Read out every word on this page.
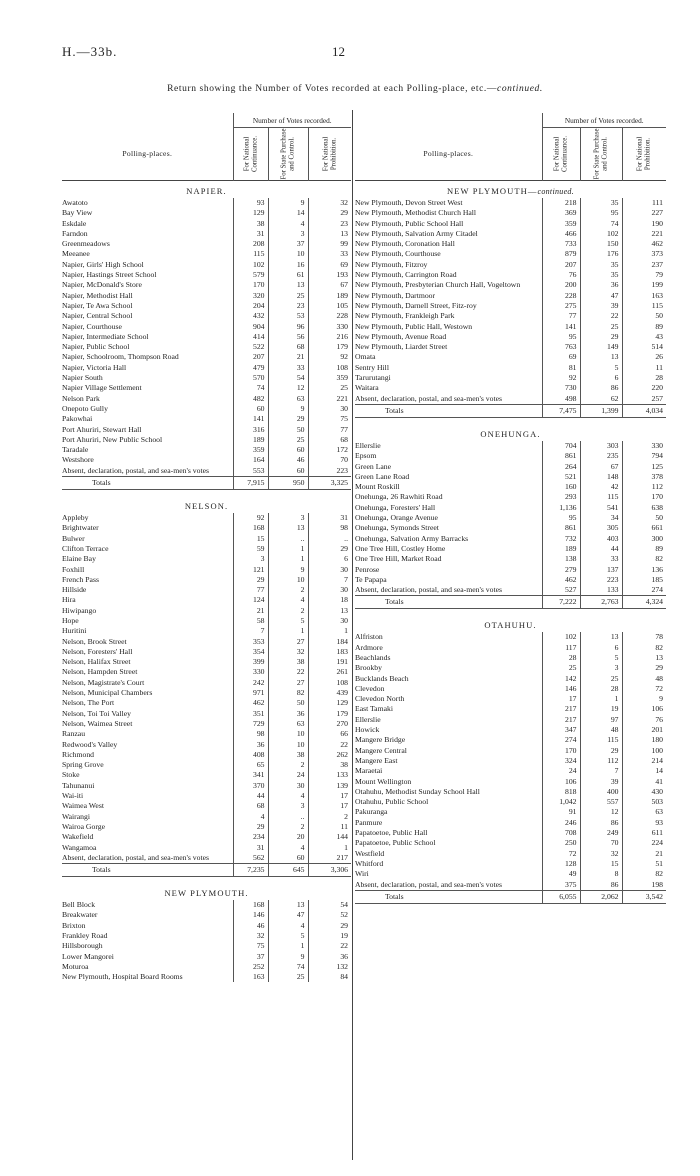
H.—33b.	12
Return showing the Number of Votes recorded at each Polling-place, etc.—continued.
	Number of Votes recorded.		
Polling-places.	For National Continuance.	For State Purchase and Control.	For National Prohibition.

NAPIER.			
Awatoto	93	9	32
Bay View	129	14	29
Eskdale	38	4	23
Farndon	31	3	13
Greenmeadows	208	37	99
Meeanee	115	10	33
Napier, Girls' High School	102	16	69
Napier, Hastings Street School	579	61	193
Napier, McDonald's Store	170	13	67
Napier, Methodist Hall	320	25	189
Napier, Te Awa School	204	23	105
Napier, Central School	432	53	228
Napier, Courthouse	904	96	330
Napier, Intermediate School	414	56	216
Napier, Public School	522	68	179
Napier, Schoolroom, Thompson Road	207	21	92
Napier, Victoria Hall	479	33	108
Napier South	570	54	359
Napier Village Settlement	74	12	25
Nelson Park	482	63	221
Onepoto Gully	60	9	30
Pakowhai	141	29	75
Port Ahuriri, Stewart Hall	316	50	77
Port Ahuriri, New Public School	189	25	68
Taradale	359	60	172
Westshore	164	46	70
Absent, declaration, postal, and sea-men's votes	553	60	223
Totals	7,915	950	3,325

NELSON.			
Appleby	92	3	31
Brightwater	168	13	98
Bulwer	15	..	..
Clifton Terrace	59	1	29
Elaine Bay	3	1	6
Foxhill	121	9	30
French Pass	29	10	7
Hillside	77	2	30
Hira	124	4	18
Hiwipango	21	2	13
Hope	58	5	30
Huritini	7	1	1
Nelson, Brook Street	353	27	184
Nelson, Foresters' Hall	354	32	183
Nelson, Halifax Street	399	38	191
Nelson, Hampden Street	330	22	261
Nelson, Magistrate's Court	242	27	108
Nelson, Municipal Chambers	971	82	439
Nelson, The Port	462	50	129
Nelson, Toi Toi Valley	351	36	179
Nelson, Waimea Street	729	63	270
Ranzau	98	10	66
Redwood's Valley	36	10	22
Richmond	408	38	262
Spring Grove	65	2	38
Stoke	341	24	133
Tahunanui	370	30	139
Wai-iti	44	4	17
Waimea West	68	3	17
Wairangi	4	..	2
Wairoa Gorge	29	2	11
Wakefield	234	20	144
Wangamoa	31	4	1
Absent, declaration, postal, and sea-men's votes	562	60	217
Totals	7,235	645	3,306

NEW PLYMOUTH.			
Bell Block	168	13	54
Breakwater	146	47	52
Brixton	46	4	29
Frankley Road	32	5	19
Hillsborough	75	1	22
Lower Mangorei	37	9	36
Moturoa	252	74	132
New Plymouth, Hospital Board Rooms	163	25	84
	Number of Votes recorded.		
Polling-places.	For National Continuance.	For State Purchase and Control.	For National Prohibition.

NEW PLYMOUTH—continued.			
New Plymouth, Devon Street West	218	35	111
New Plymouth, Methodist Church Hall	369	95	227
New Plymouth, Public School Hall	359	74	190
New Plymouth, Salvation Army Citadel	466	102	221
New Plymouth, Coronation Hall	733	150	462
New Plymouth, Courthouse	879	176	373
New Plymouth, Fitzroy	207	35	237
New Plymouth, Carrington Road	76	35	79
New Plymouth, Presbyterian Church Hall, Vogeltown	200	36	199
New Plymouth, Dartmoor	228	47	163
New Plymouth, Darnell Street, Fitz-roy	275	39	115
New Plymouth, Frankleigh Park	77	22	50
New Plymouth, Public Hall, Westown	141	25	89
New Plymouth, Avenue Road	95	29	43
New Plymouth, Liardet Street	763	149	514
Omata	69	13	26
Sentry Hill	81	5	11
Tarurutangi	92	6	28
Waitara	730	86	220
Absent, declaration, postal, and sea-men's votes	498	62	257
Totals	7,475	1,399	4,034

ONEHUNGA.			
Ellerslie	704	303	330
Epsom	861	235	794
Green Lane	264	67	125
Green Lane Road	521	148	378
Mount Roskill	160	42	112
Onehunga, 26 Rawhiti Road	293	115	170
Onehunga, Foresters' Hall	1,136	541	638
Onehunga, Orange Avenue	95	34	50
Onehunga, Symonds Street	861	305	661
Onehunga, Salvation Army Barracks	732	403	300
One Tree Hill, Costley Home	189	44	89
One Tree Hill, Market Road	138	33	82
Penrose	279	137	136
Te Papapa	462	223	185
Absent, declaration, postal, and sea-men's votes	527	133	274
Totals	7,222	2,763	4,324

OTAHUHU.			
Alfriston	102	13	78
Ardmore	117	6	82
Beachlands	28	5	13
Brookby	25	3	29
Bucklands Beach	142	25	48
Clevedon	146	28	72
Clevedon North	17	1	9
East Tamaki	217	19	106
Ellerslie	217	97	76
Howick	347	48	201
Mangere Bridge	274	115	180
Mangere Central	170	29	100
Mangere East	324	112	214
Maraetai	24	7	14
Mount Wellington	106	39	41
Otahuhu, Methodist Sunday School Hall	818	400	430
Otahuhu, Public School	1,042	557	503
Pakuranga	91	12	63
Panmure	246	86	93
Papatoetoe, Public Hall	708	249	611
Papatoetoe, Public School	250	70	224
Westfield	72	32	21
Whitford	128	15	51
Wiri	49	8	82
Absent, declaration, postal, and sea-men's votes	375	86	198
Totals	6,055	2,062	3,542
